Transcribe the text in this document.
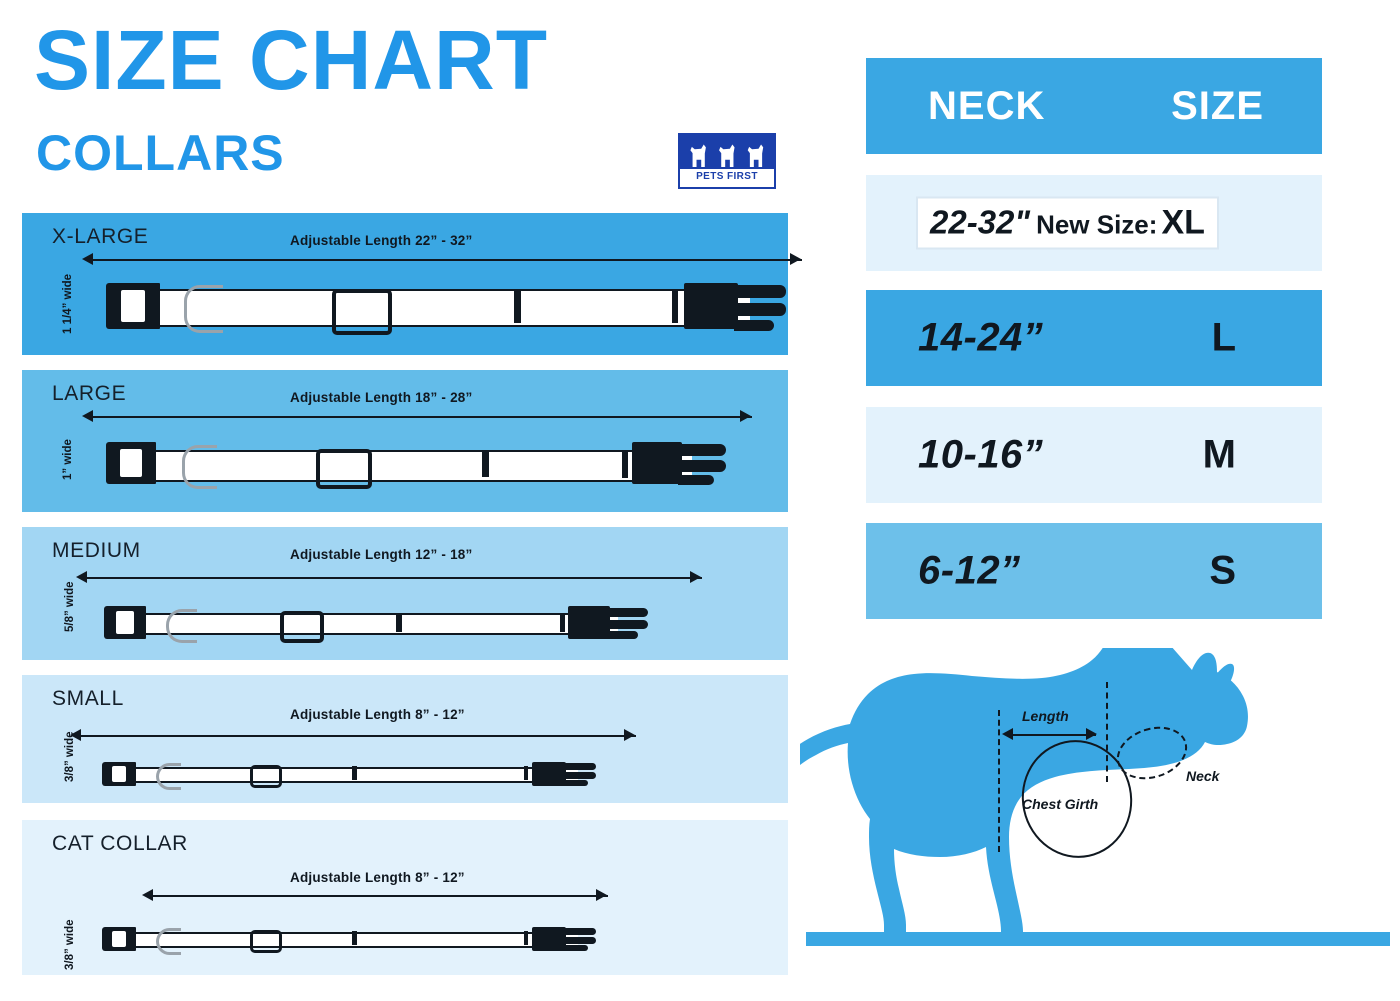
SIZE CHART
COLLARS	PETS FIRST
X-LARGE	Adjustable Length 22” - 32”
1 1/4” wide
LARGE	Adjustable Length 18” - 28”
1” wide
MEDIUM	Adjustable Length 12” - 18”
5/8” wide
SMALL
Adjustable Length 8” - 12”
3/8” wide
CAT COLLAR
Adjustable Length 8” - 12”
3/8” wide
NECK	SIZE
22-32" New Size: XL
14-24”	L
10-16”	M
6-12”	S
Length
Neck
Chest Girth
